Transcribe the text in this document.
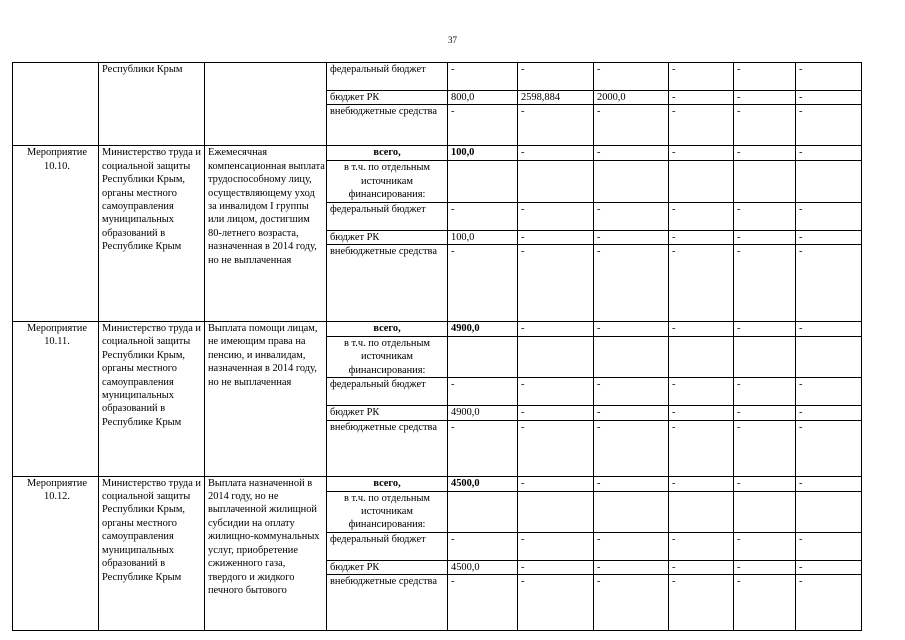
37
	Республики Крым		федеральный бюджет	-	-	-	-	-	-
			бюджет РК	800,0	2598,884	2000,0	-	-	-
			внебюджетные средства	-	-	-	-	-	-
Мероприятие 10.10.	Министерство труда и социальной защиты Республики Крым, органы местного самоуправления муниципальных образований в Республике Крым	Ежемесячная компенсационная выплата трудоспособному лицу, осуществляющему уход за инвалидом I группы или лицом, достигшим 80-летнего возраста, назначенная в 2014 году, но не выплаченная	всего,	100,0	-	-	-	-	-
			в т.ч. по отдельным источникам финансирования:						
			федеральный бюджет	-	-	-	-	-	-
			бюджет РК	100,0	-	-	-	-	-
			внебюджетные средства	-	-	-	-	-	-
Мероприятие 10.11.	Министерство труда и социальной защиты Республики Крым, органы местного самоуправления муниципальных образований в Республике Крым	Выплата помощи лицам, не имеющим права на пенсию, и инвалидам, назначенная в 2014 году, но не выплаченная	всего,	4900,0	-	-	-	-	-
			в т.ч. по отдельным источникам финансирования:						
			федеральный бюджет	-	-	-	-	-	-
			бюджет РК	4900,0	-	-	-	-	-
			внебюджетные средства	-	-	-	-	-	-
Мероприятие 10.12.	Министерство труда и социальной защиты Республики Крым, органы местного самоуправления муниципальных образований в Республике Крым	Выплата назначенной в 2014 году, но не выплаченной жилищной субсидии на оплату жилищно-коммунальных услуг, приобретение сжиженного газа, твердого и жидкого печного бытового	всего,	4500,0	-	-	-	-	-
			в т.ч. по отдельным источникам финансирования:						
			федеральный бюджет	-	-	-	-	-	-
			бюджет РК	4500,0	-	-	-	-	-
			внебюджетные средства	-	-	-	-	-	-
